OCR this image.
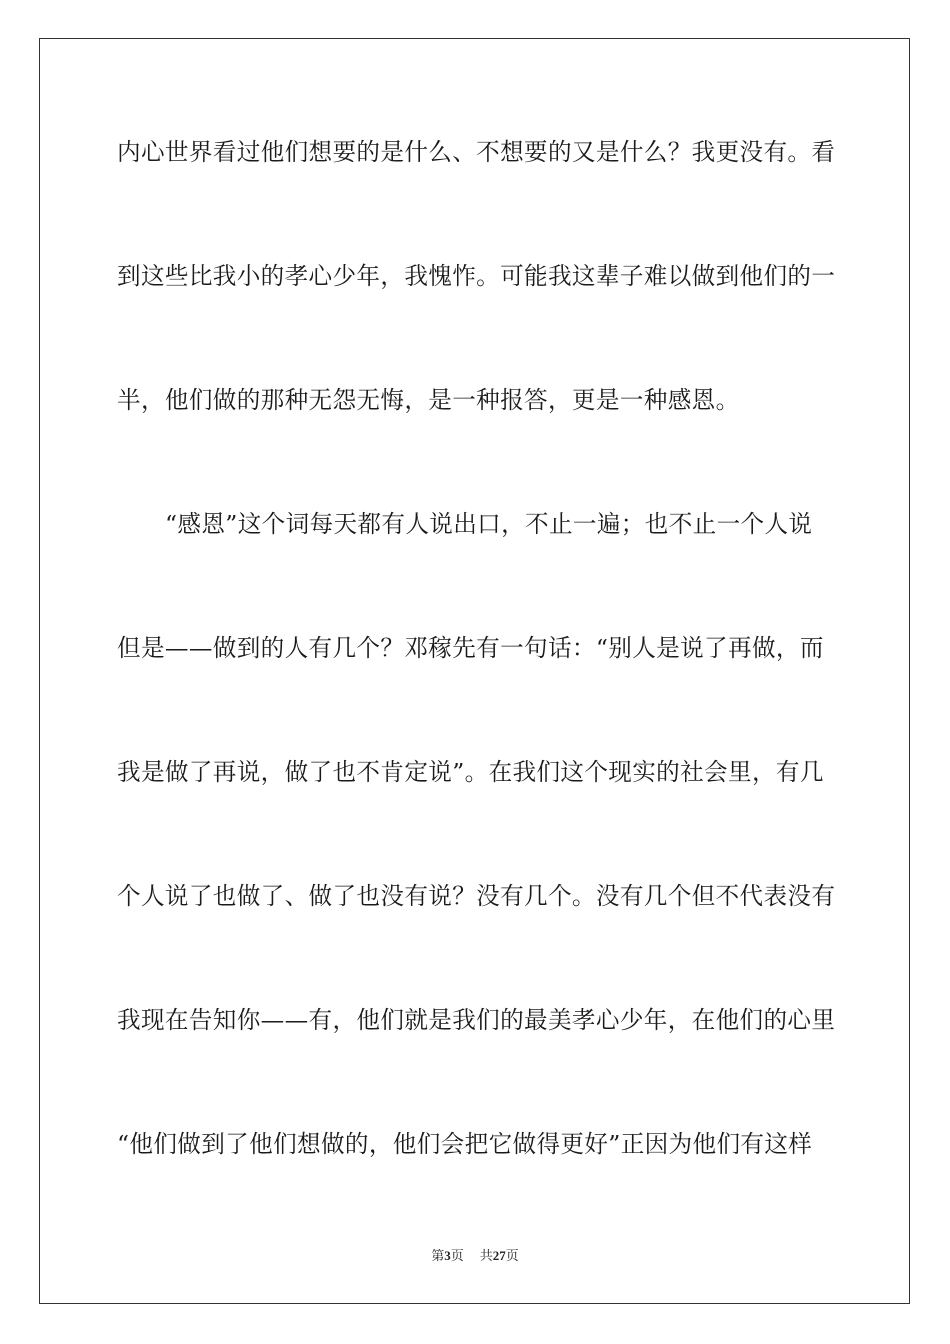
内心世界看过他们想要的是什么、不想要的又是什么？我更没有。看
到这些比我小的孝心少年，我愧怍。可能我这辈子难以做到他们的一
半，他们做的那种无怨无悔，是一种报答，更是一种感恩。
“感恩”这个词每天都有人说出口，不止一遍；也不止一个人说
但是——做到的人有几个？邓稼先有一句话：“别人是说了再做，而
我是做了再说，做了也不肯定说”。在我们这个现实的社会里，有几
个人说了也做了、做了也没有说？没有几个。没有几个但不代表没有
我现在告知你——有，他们就是我们的最美孝心少年，在他们的心里
“他们做到了他们想做的，他们会把它做得更好”正因为他们有这样
第3页 共27页
